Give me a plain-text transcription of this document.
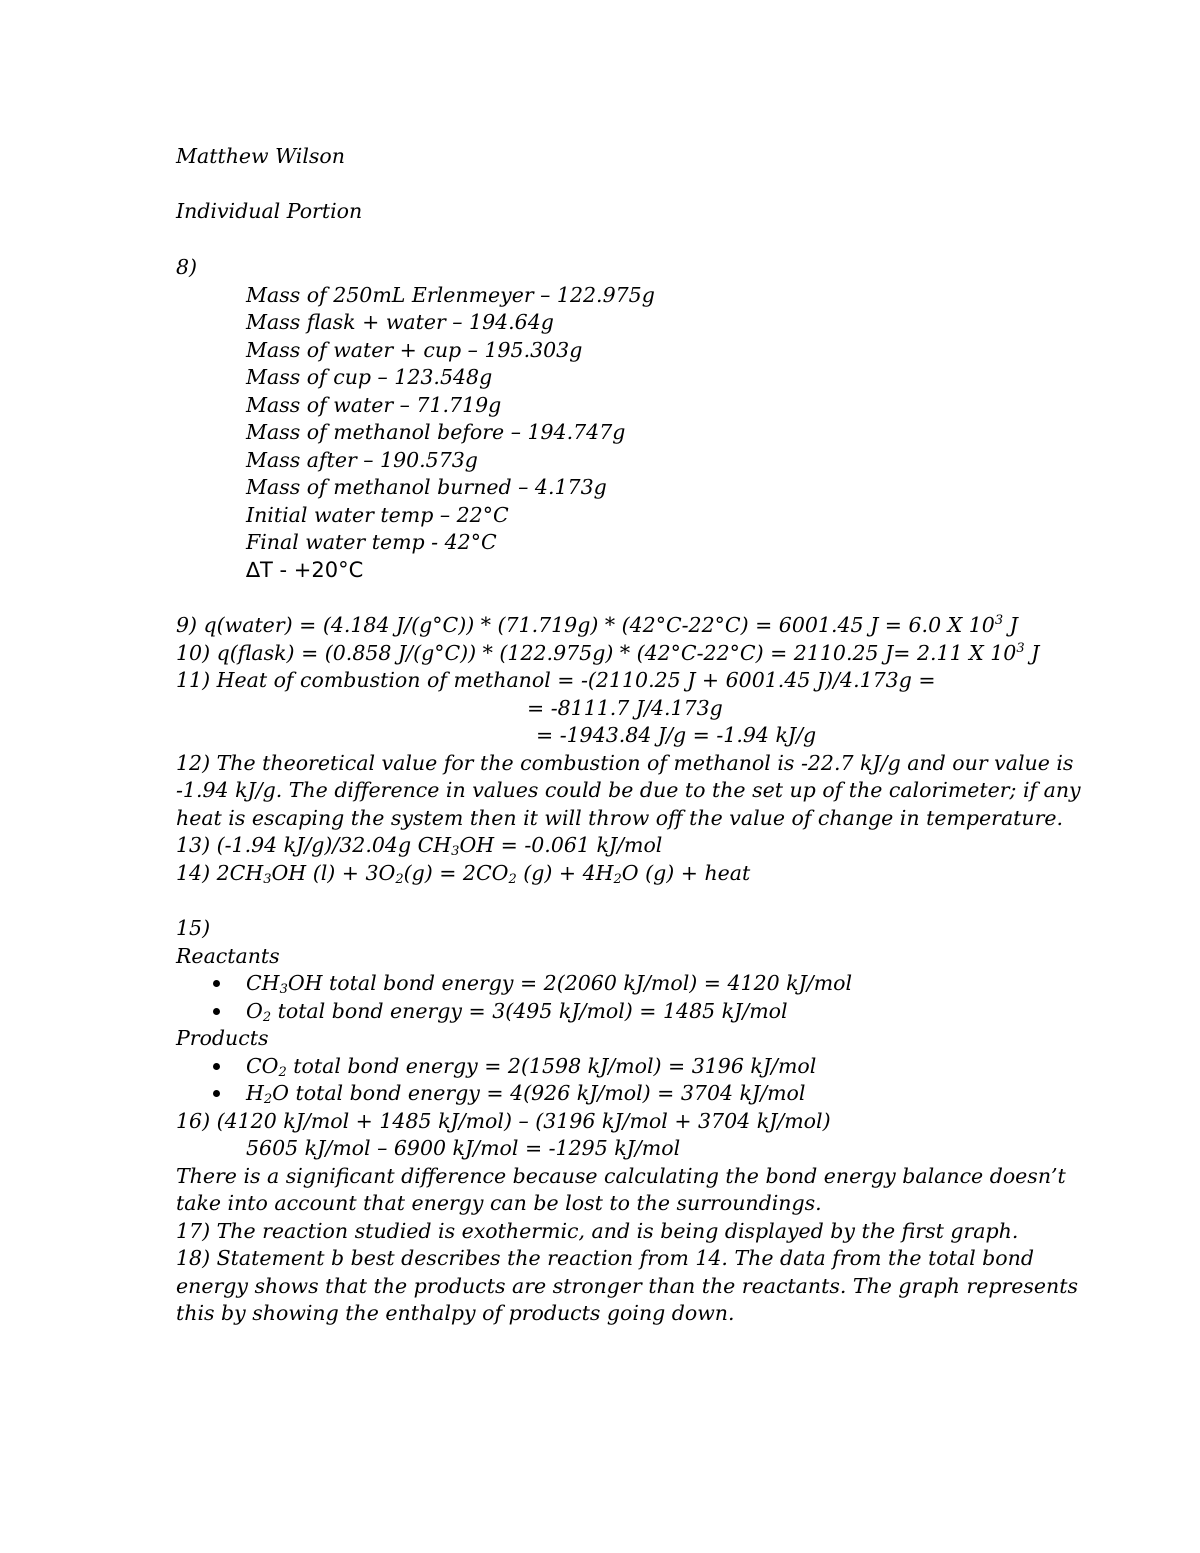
Matthew Wilson

Individual Portion

8)

Mass of 250mL Erlenmeyer – 122.975g

Mass flask + water – 194.64g

Mass of water + cup – 195.303g

Mass of cup – 123.548g

Mass of water – 71.719g

Mass of methanol before – 194.747g

Mass after – 190.573g

Mass of methanol burned – 4.173g

Initial water temp – 22°C

Final water temp - 42°C

∆T - +20°C

9) q(water) = (4.184 J/(g°C)) * (71.719g) * (42°C-22°C) = 6001.45 J = 6.0 X $10^3$ J

10) q(flask) = (0.858 J/(g°C)) * (122.975g) * (42°C-22°C) = 2110.25 J= 2.11 X $10^3$ J

11) Heat of combustion of methanol = -(2110.25 J + 6001.45 J)/4.173g =

= -8111.7 J/4.173g

= -1943.84 J/g = -1.94 kJ/g

12) The theoretical value for the combustion of methanol is -22.7 kJ/g and our value is

-1.94 kJ/g. The difference in values could be due to the set up of the calorimeter; if any

heat is escaping the system then it will throw off the value of change in temperature.

13) (-1.94 kJ/g)/32.04g $CH_3OH = -0.061$ kJ/mol

14) $2CH_3OH$ $(l) + 3O_2(g) = 2CO_2$ $(g) + 4H_2O$ (g) + heat

15)

Reactants

$CH_3OH$ total bond energy = 2(2060 kJ/mol) = 4120 kJ/mol

$O_2$ total bond energy = 3(495 kJ/mol) = 1485 kJ/mol

Products

$CO_2$ total bond energy = 2(1598 kJ/mol) = 3196 kJ/mol

$H_2O$ total bond energy = 4(926 kJ/mol) = 3704 kJ/mol

16) (4120 kJ/mol + 1485 kJ/mol) – (3196 kJ/mol + 3704 kJ/mol)

5605 kJ/mol – 6900 kJ/mol = -1295 kJ/mol

There is a significant difference because calculating the bond energy balance doesn’t

take into account that energy can be lost to the surroundings.

17) The reaction studied is exothermic, and is being displayed by the first graph.

18) Statement b best describes the reaction from 14. The data from the total bond

energy shows that the products are stronger than the reactants. The graph represents

this by showing the enthalpy of products going down.
